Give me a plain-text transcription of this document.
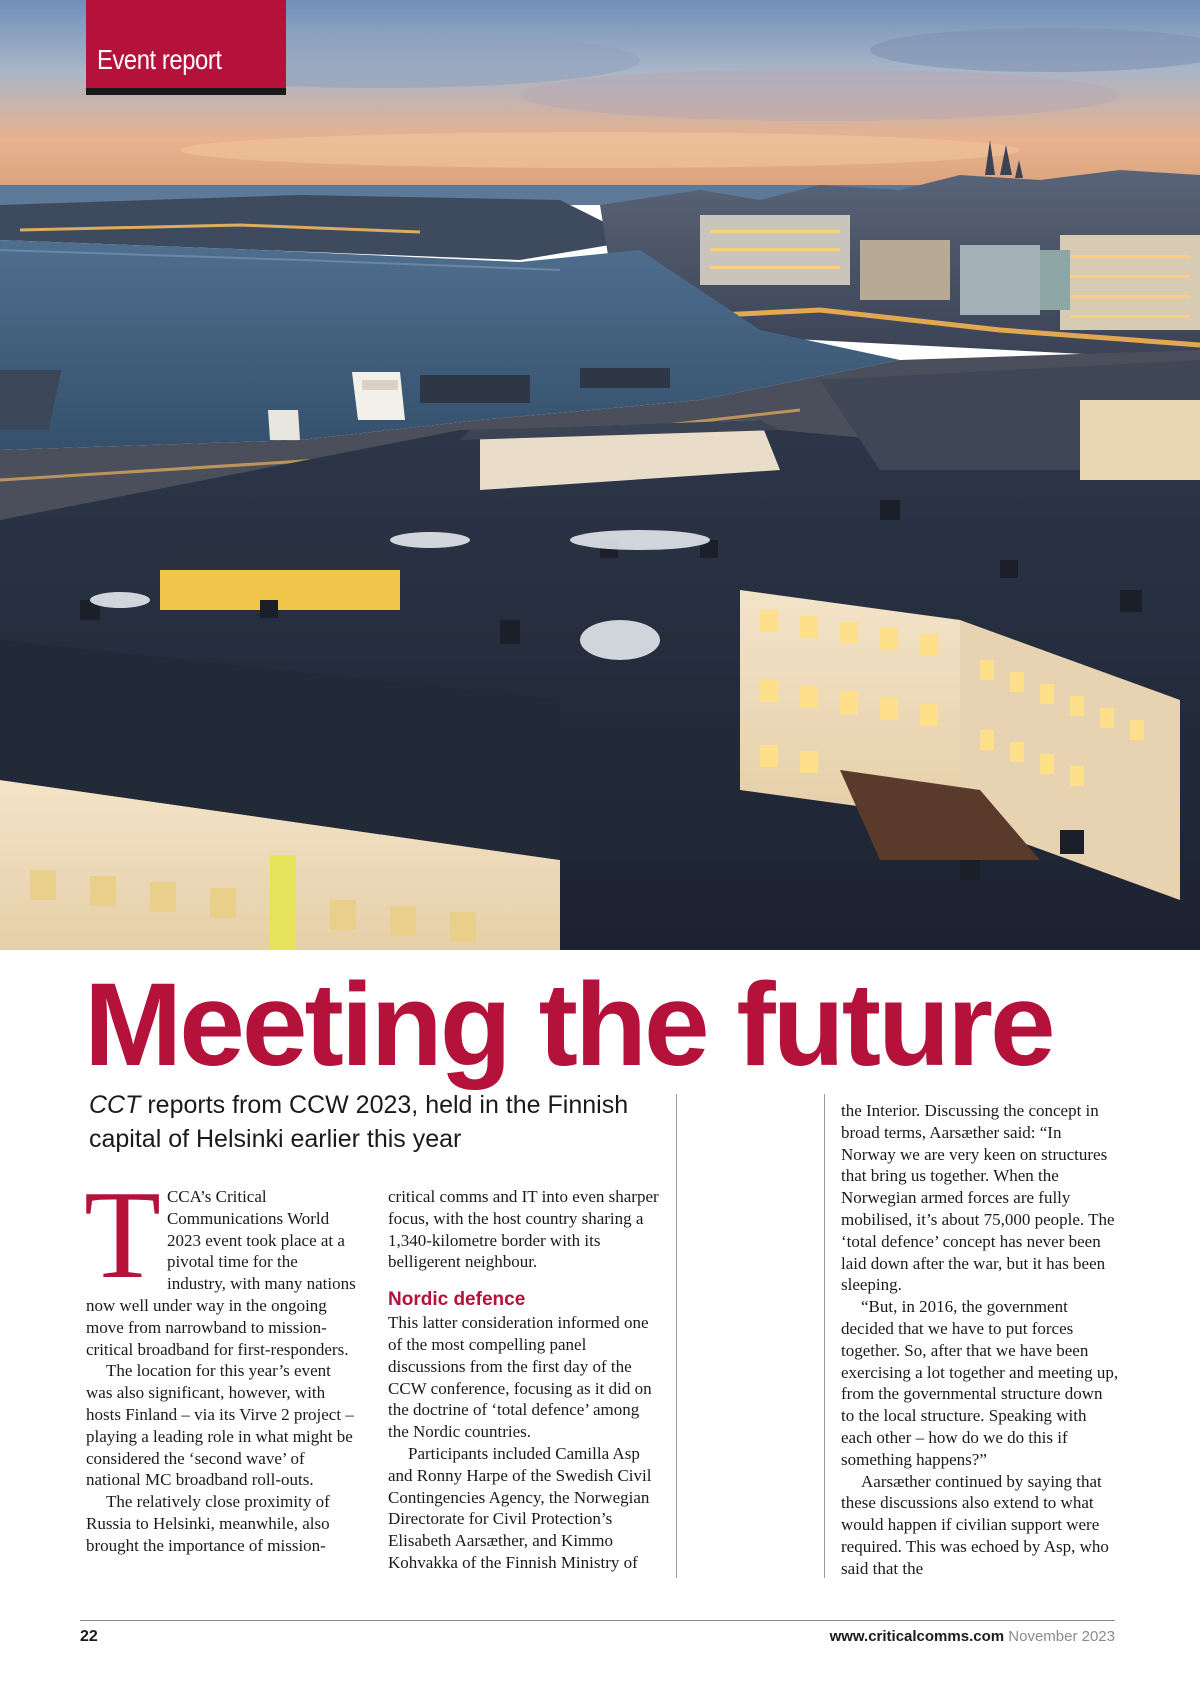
Event report
Meeting the future
CCT reports from CCW 2023, held in the Finnish capital of Helsinki earlier this year

TCCA’s Critical Communications World 2023 event took place at a pivotal time for the industry, with many nations now well under way in the ongoing move from narrowband to mission-critical broadband for first-responders.

The location for this year’s event was also significant, however, with hosts Finland – via its Virve 2 project – playing a leading role in what might be considered the ‘second wave’ of national MC broadband roll-outs.

The relatively close proximity of Russia to Helsinki, meanwhile, also brought the importance of mission-

critical comms and IT into even sharper focus, with the host country sharing a 1,340-kilometre border with its belligerent neighbour.

Nordic defence

This latter consideration informed one of the most compelling panel discussions from the first day of the CCW conference, focusing as it did on the doctrine of ‘total defence’ among the Nordic countries.

Participants included Camilla Asp and Ronny Harpe of the Swedish Civil Contingencies Agency, the Norwegian Directorate for Civil Protection’s Elisabeth Aarsæther, and Kimmo Kohvakka of the Finnish Ministry of

the Interior. Discussing the concept in broad terms, Aarsæther said: “In Norway we are very keen on structures that bring us together. When the Norwegian armed forces are fully mobilised, it’s about 75,000 people. The ‘total defence’ concept has never been laid down after the war, but it has been sleeping.

“But, in 2016, the government decided that we have to put forces together. So, after that we have been exercising a lot together and meeting up, from the governmental structure down to the local structure. Speaking with each other – how do we do this if something happens?”

Aarsæther continued by saying that these discussions also extend to what would happen if civilian support were required. This was echoed by Asp, who said that the

22	www.criticalcomms.com November 2023
